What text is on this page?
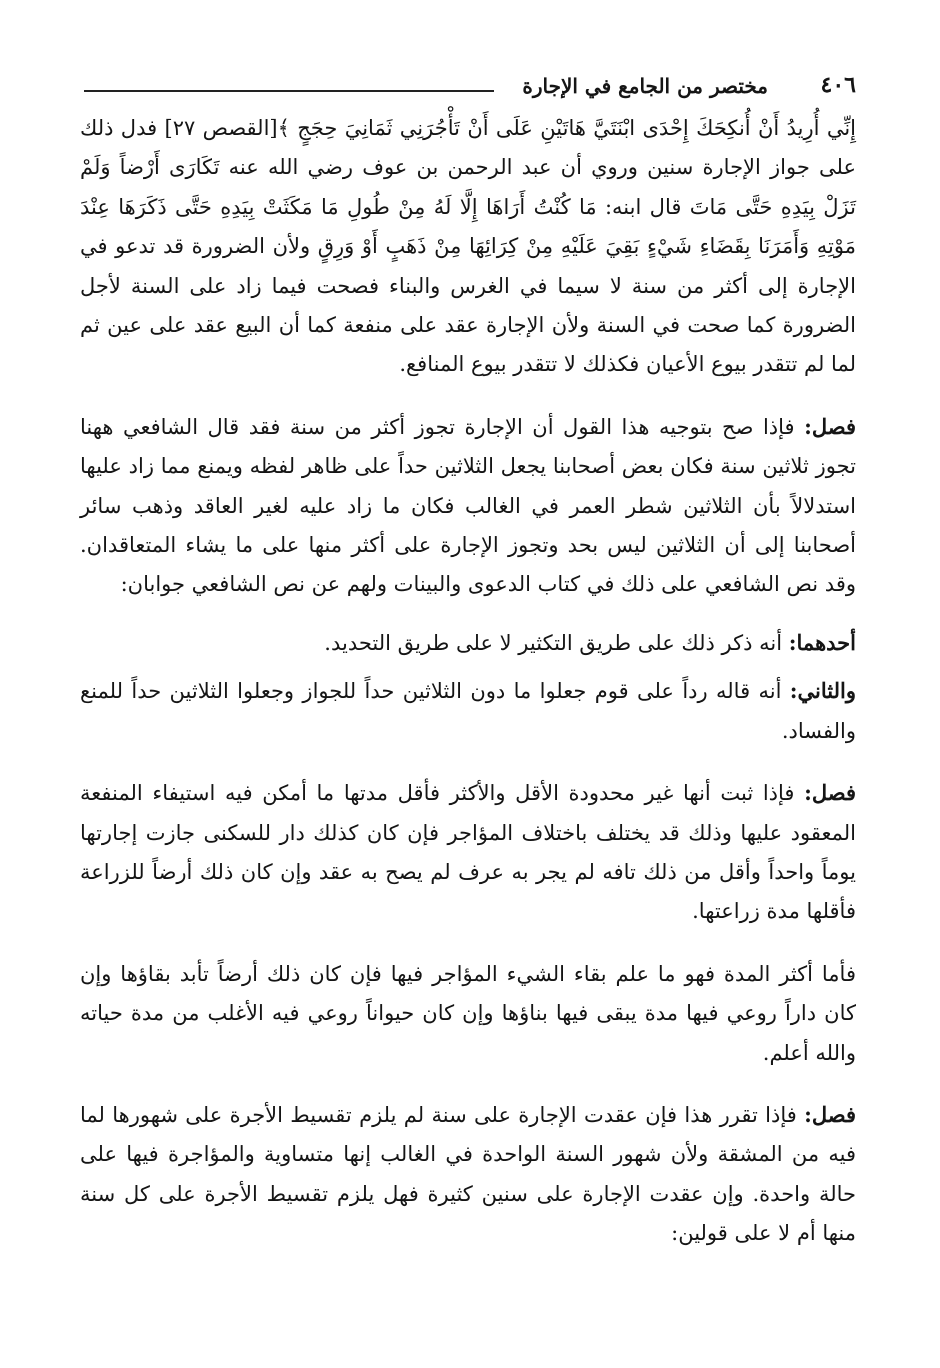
٤٠٦
مختصر من الجامع في الإجارة

إِنِّي أُرِيدُ أَنْ أُنكِحَكَ إِحْدَى ابْنَتَيَّ هَاتَيْنِ عَلَى أَنْ تَأْجُرَنِي ثَمَانِيَ حِجَجٍ ﴾[القصص ٢٧] فدل ذلك على جواز الإجارة سنين وروي أن عبد الرحمن بن عوف رضي الله عنه تَكَارَى أَرْضاً وَلَمْ تَزَلْ بِيَدِهِ حَتَّى مَاتَ قال ابنه: مَا كُنْتُ أَرَاهَا إِلَّا لَهُ مِنْ طُولِ مَا مَكَثَتْ بِيَدِهِ حَتَّى ذَكَرَهَا عِنْدَ مَوْتِهِ وَأَمَرَنَا بِقَضَاءِ شَيْءٍ بَقِيَ عَلَيْهِ مِنْ كِرَائِهَا مِنْ ذَهَبٍ أَوْ وَرِقٍ ولأن الضرورة قد تدعو في الإجارة إلى أكثر من سنة لا سيما في الغرس والبناء فصحت فيما زاد على السنة لأجل الضرورة كما صحت في السنة ولأن الإجارة عقد على منفعة كما أن البيع عقد على عين ثم لما لم تتقدر بيوع الأعيان فكذلك لا تتقدر بيوع المنافع.

فصل: فإذا صح بتوجيه هذا القول أن الإجارة تجوز أكثر من سنة فقد قال الشافعي ههنا تجوز ثلاثين سنة فكان بعض أصحابنا يجعل الثلاثين حداً على ظاهر لفظه ويمنع مما زاد عليها استدلالاً بأن الثلاثين شطر العمر في الغالب فكان ما زاد عليه لغير العاقد وذهب سائر أصحابنا إلى أن الثلاثين ليس بحد وتجوز الإجارة على أكثر منها على ما يشاء المتعاقدان. وقد نص الشافعي على ذلك في كتاب الدعوى والبينات ولهم عن نص الشافعي جوابان:

أحدهما: أنه ذكر ذلك على طريق التكثير لا على طريق التحديد.

والثاني: أنه قاله رداً على قوم جعلوا ما دون الثلاثين حداً للجواز وجعلوا الثلاثين حداً للمنع والفساد.

فصل: فإذا ثبت أنها غير محدودة الأقل والأكثر فأقل مدتها ما أمكن فيه استيفاء المنفعة المعقود عليها وذلك قد يختلف باختلاف المؤاجر فإن كان كذلك دار للسكنى جازت إجارتها يوماً واحداً وأقل من ذلك تافه لم يجر به عرف لم يصح به عقد وإن كان ذلك أرضاً للزراعة فأقلها مدة زراعتها.

فأما أكثر المدة فهو ما علم بقاء الشيء المؤاجر فيها فإن كان ذلك أرضاً تأبد بقاؤها وإن كان داراً روعي فيها مدة يبقى فيها بناؤها وإن كان حيواناً روعي فيه الأغلب من مدة حياته والله أعلم.

فصل: فإذا تقرر هذا فإن عقدت الإجارة على سنة لم يلزم تقسيط الأجرة على شهورها لما فيه من المشقة ولأن شهور السنة الواحدة في الغالب إنها متساوية والمؤاجرة فيها على حالة واحدة. وإن عقدت الإجارة على سنين كثيرة فهل يلزم تقسيط الأجرة على كل سنة منها أم لا على قولين:
